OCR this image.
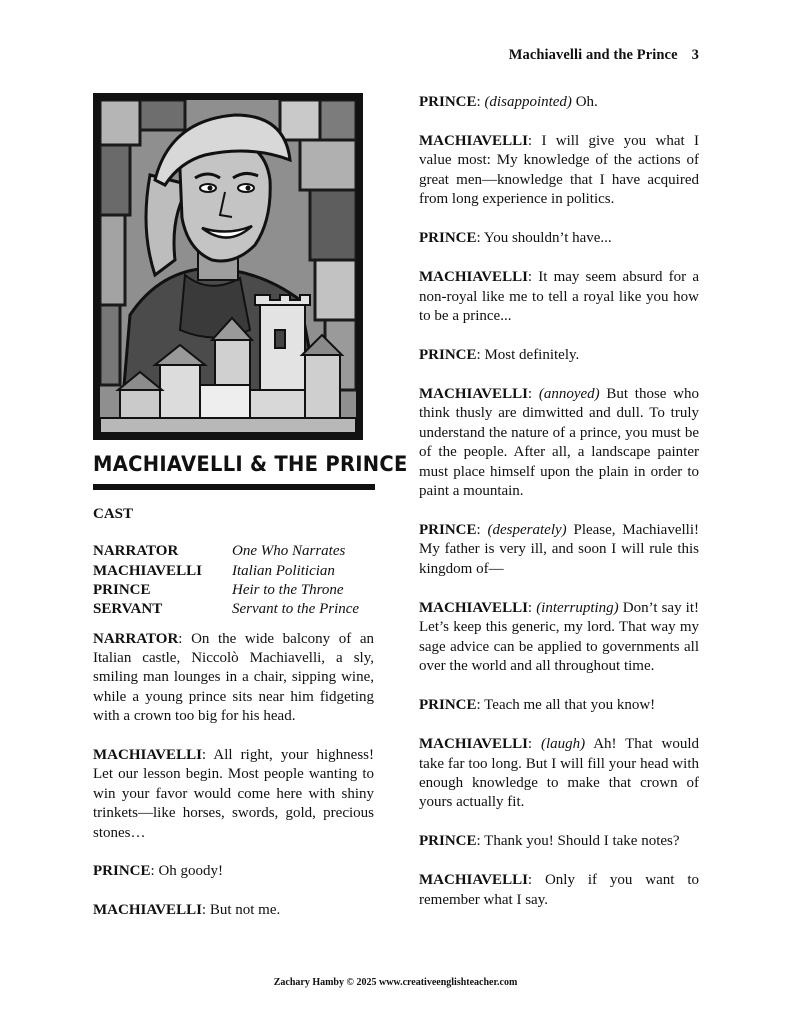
Machiavelli and the Prince 3
MACHIAVELLI & THE PRINCE
CAST
NARRATOR	One Who Narrates
MACHIAVELLI	Italian Politician
PRINCE	Heir to the Throne
SERVANT	Servant to the Prince

NARRATOR: On the wide balcony of an Italian castle, Niccolò Machiavelli, a sly, smiling man lounges in a chair, sipping wine, while a young prince sits near him fidgeting with a crown too big for his head.

MACHIAVELLI: All right, your highness! Let our lesson begin. Most people wanting to win your favor would come here with shiny trinkets—like horses, swords, gold, precious stones…

PRINCE: Oh goody!

MACHIAVELLI: But not me.

PRINCE: (disappointed) Oh.

MACHIAVELLI: I will give you what I value most: My knowledge of the actions of great men—knowledge that I have acquired from long experience in politics.

PRINCE: You shouldn’t have...

MACHIAVELLI: It may seem absurd for a non-royal like me to tell a royal like you how to be a prince...

PRINCE: Most definitely.

MACHIAVELLI: (annoyed) But those who think thusly are dimwitted and dull. To truly understand the nature of a prince, you must be of the people. After all, a landscape painter must place himself upon the plain in order to paint a mountain.

PRINCE: (desperately) Please, Machiavelli! My father is very ill, and soon I will rule this kingdom of—

MACHIAVELLI: (interrupting) Don’t say it! Let’s keep this generic, my lord. That way my sage advice can be applied to governments all over the world and all throughout time.

PRINCE: Teach me all that you know!

MACHIAVELLI: (laugh) Ah! That would take far too long. But I will fill your head with enough knowledge to make that crown of yours actually fit.

PRINCE: Thank you! Should I take notes?

MACHIAVELLI: Only if you want to remember what I say.

Zachary Hamby © 2025 www.creativeenglishteacher.com
